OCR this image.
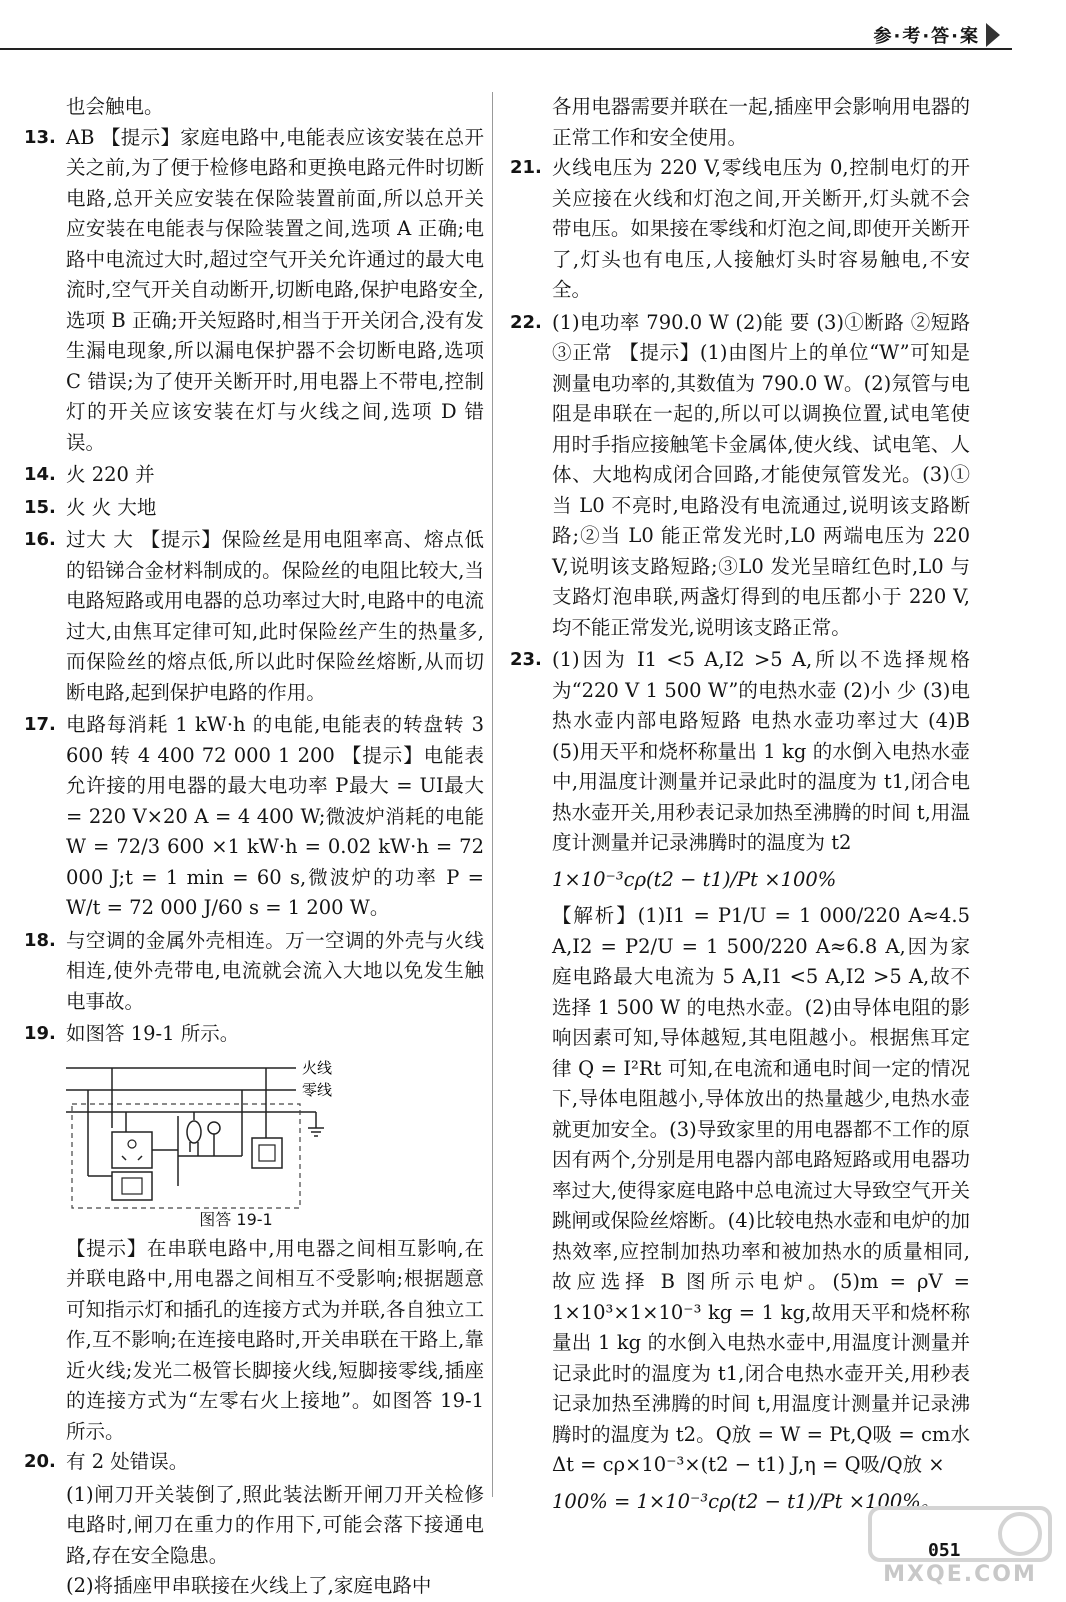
参·考·答·案
也会触电。
13. AB 【提示】家庭电路中,电能表应该安装在总开关之前,为了便于检修电路和更换电路元件时切断电路,总开关应安装在保险装置前面,所以总开关应安装在电能表与保险装置之间,选项 A 正确;电路中电流过大时,超过空气开关允许通过的最大电流时,空气开关自动断开,切断电路,保护电路安全,选项 B 正确;开关短路时,相当于开关闭合,没有发生漏电现象,所以漏电保护器不会切断电路,选项 C 错误;为了使开关断开时,用电器上不带电,控制灯的开关应该安装在灯与火线之间,选项 D 错误。
14. 火 220 并
15. 火 火 大地
16. 过大 大 【提示】保险丝是用电阻率高、熔点低的铅锑合金材料制成的。保险丝的电阻比较大,当电路短路或用电器的总功率过大时,电路中的电流过大,由焦耳定律可知,此时保险丝产生的热量多,而保险丝的熔点低,所以此时保险丝熔断,从而切断电路,起到保护电路的作用。
17. 电路每消耗 1 kW·h 的电能,电能表的转盘转 3 600 转 4 400 72 000 1 200 【提示】电能表允许接的用电器的最大电功率 P最大 = UI最大 = 220 V×20 A = 4 400 W;微波炉消耗的电能 W = 72/3 600 ×1 kW·h = 0.02 kW·h = 72 000 J;t = 1 min = 60 s,微波炉的功率 P = W/t = 72 000 J/60 s = 1 200 W。
18. 与空调的金属外壳相连。万一空调的外壳与火线相连,使外壳带电,电流就会流入大地以免发生触电事故。
19. 如图答 19-1 所示。
火线
零线
图答 19-1
【提示】在串联电路中,用电器之间相互影响,在并联电路中,用电器之间相互不受影响;根据题意可知指示灯和插孔的连接方式为并联,各自独立工作,互不影响;在连接电路时,开关串联在干路上,靠近火线;发光二极管长脚接火线,短脚接零线,插座的连接方式为“左零右火上接地”。如图答 19-1 所示。
20. 有 2 处错误。
(1)闸刀开关装倒了,照此装法断开闸刀开关检修电路时,闸刀在重力的作用下,可能会落下接通电路,存在安全隐患。
(2)将插座甲串联接在火线上了,家庭电路中
各用电器需要并联在一起,插座甲会影响用电器的正常工作和安全使用。
21. 火线电压为 220 V,零线电压为 0,控制电灯的开关应接在火线和灯泡之间,开关断开,灯头就不会带电压。如果接在零线和灯泡之间,即使开关断开了,灯头也有电压,人接触灯头时容易触电,不安全。
22. (1)电功率 790.0 W (2)能 要 (3)①断路 ②短路 ③正常 【提示】(1)由图片上的单位“W”可知是测量电功率的,其数值为 790.0 W。(2)氖管与电阻是串联在一起的,所以可以调换位置,试电笔使用时手指应接触笔卡金属体,使火线、试电笔、人体、大地构成闭合回路,才能使氖管发光。(3)①当 L0 不亮时,电路没有电流通过,说明该支路断路;②当 L0 能正常发光时,L0 两端电压为 220 V,说明该支路短路;③L0 发光呈暗红色时,L0 与支路灯泡串联,两盏灯得到的电压都小于 220 V,均不能正常发光,说明该支路正常。
23. (1)因为 I1 <5 A,I2 >5 A,所以不选择规格为“220 V 1 500 W”的电热水壶 (2)小 少 (3)电热水壶内部电路短路 电热水壶功率过大 (4)B (5)用天平和烧杯称量出 1 kg 的水倒入电热水壶中,用温度计测量并记录此时的温度为 t1,闭合电热水壶开关,用秒表记录加热至沸腾的时间 t,用温度计测量并记录沸腾时的温度为 t2
1×10⁻³cρ(t2 − t1)/Pt ×100%
【解析】(1)I1 = P1/U = 1 000/220 A≈4.5 A,I2 = P2/U = 1 500/220 A≈6.8 A,因为家庭电路最大电流为 5 A,I1 <5 A,I2 >5 A,故不选择 1 500 W 的电热水壶。(2)由导体电阻的影响因素可知,导体越短,其电阻越小。根据焦耳定律 Q = I²Rt 可知,在电流和通电时间一定的情况下,导体电阻越小,导体放出的热量越少,电热水壶就更加安全。(3)导致家里的用电器都不工作的原因有两个,分别是用电器内部电路短路或用电器功率过大,使得家庭电路中总电流过大导致空气开关跳闸或保险丝熔断。(4)比较电热水壶和电炉的加热效率,应控制加热功率和被加热水的质量相同,故应选择 B 图所示电炉。(5)m = ρV = 1×10³×1×10⁻³ kg = 1 kg,故用天平和烧杯称量出 1 kg 的水倒入电热水壶中,用温度计测量并记录此时的温度为 t1,闭合电热水壶开关,用秒表记录加热至沸腾的时间 t,用温度计测量并记录沸腾时的温度为 t2。Q放 = W = Pt,Q吸 = cm水Δt = cρ×10⁻³×(t2 − t1) J,η = Q吸/Q放 ×
100% = 1×10⁻³cρ(t2 − t1)/Pt ×100%。
MXQE.COM
051
